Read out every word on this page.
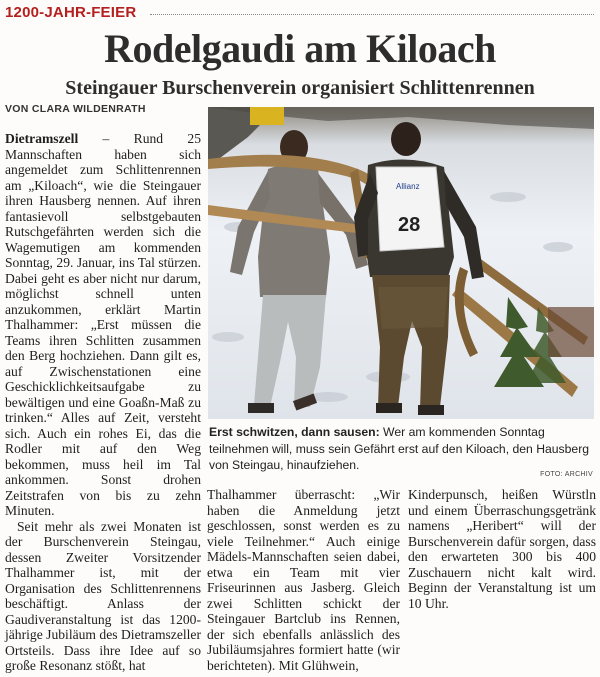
1200-JAHR-FEIER
Rodelgaudi am Kiloach
Steingauer Burschenverein organisiert Schlittenrennen
VON CLARA WILDENRATH
Allianz
28
Erst schwitzen, dann sausen: Wer am kommenden Sonntag teilnehmen will, muss sein Gefährt erst auf den Kiloach, den Hausberg von Steingau, hinaufziehen.
FOTO: ARCHIV

Dietramszell – Rund 25 Mannschaften haben sich angemeldet zum Schlittenrennen am „Kiloach“, wie die Steingauer ihren Hausberg nennen. Auf ihren fantasievoll selbstgebauten Rutschgefährten werden sich die Wagemutigen am kommenden Sonntag, 29. Januar, ins Tal stürzen. Dabei geht es aber nicht nur darum, möglichst schnell unten anzukommen, erklärt Martin Thalhammer: „Erst müssen die Teams ihren Schlitten zusammen den Berg hochziehen. Dann gilt es, auf Zwischenstationen eine Geschicklichkeitsaufgabe zu bewältigen und eine Goaßn-Maß zu trinken.“ Alles auf Zeit, versteht sich. Auch ein rohes Ei, das die Rodler mit auf den Weg bekommen, muss heil im Tal ankommen. Sonst drohen Zeitstrafen von bis zu zehn Minuten.

Seit mehr als zwei Monaten ist der Burschenverein Steingau, dessen Zweiter Vorsitzender Thalhammer ist, mit der Organisation des Schlittenrennens beschäftigt. Anlass der Gaudiveranstaltung ist das 1200-jährige Jubiläum des Dietramszeller Ortsteils. Dass ihre Idee auf so große Resonanz stößt, hat

Thalhammer überrascht: „Wir haben die Anmeldung jetzt geschlossen, sonst werden es zu viele Teilnehmer.“ Auch einige Mädels-Mannschaften seien dabei, etwa ein Team mit vier Friseurinnen aus Jasberg. Gleich zwei Schlitten schickt der Steingauer Bartclub ins Rennen, der sich ebenfalls anlässlich des Jubiläumsjahres formiert hatte (wir berichteten). Mit Glühwein,

Kinderpunsch, heißen Würstln und einem Überraschungsgetränk namens „Heribert“ will der Burschenverein dafür sorgen, dass den erwarteten 300 bis 400 Zuschauern nicht kalt wird. Beginn der Veranstaltung ist um 10 Uhr.
